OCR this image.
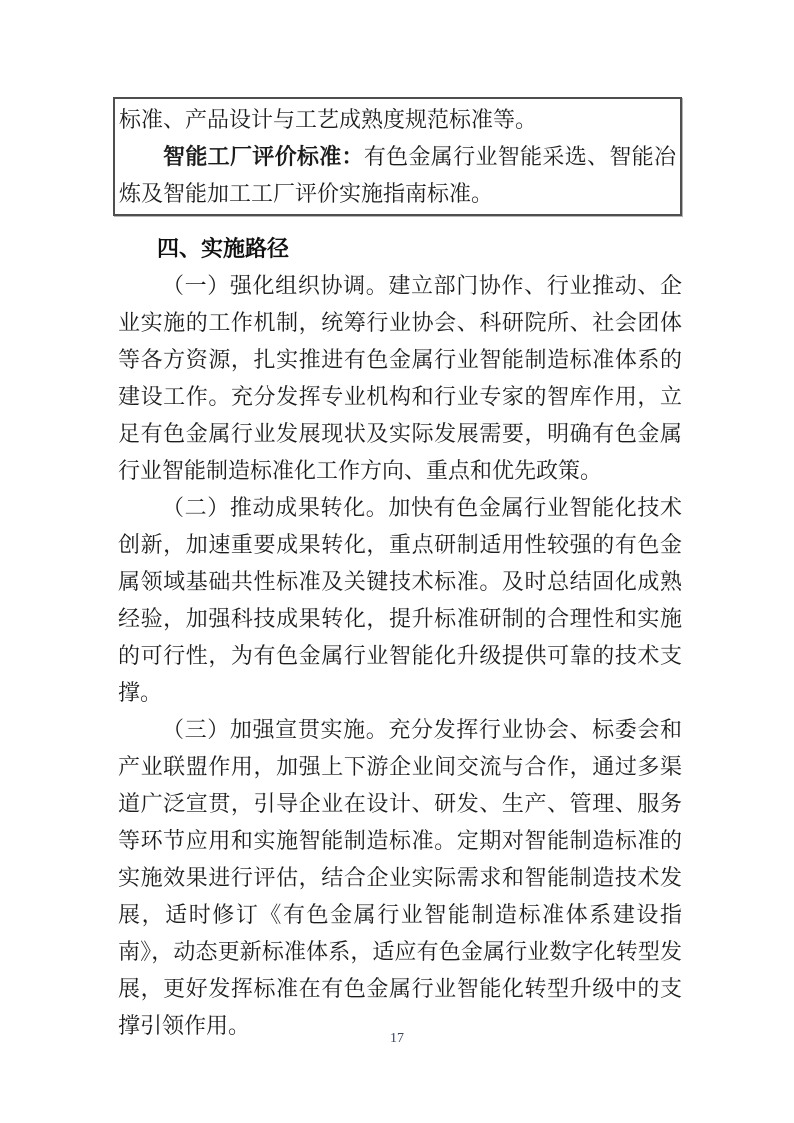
标准、产品设计与工艺成熟度规范标准等。

智能工厂评价标准：有色金属行业智能采选、智能冶炼及智能加工工厂评价实施指南标准。

四、实施路径

（一）强化组织协调。建立部门协作、行业推动、企业实施的工作机制，统筹行业协会、科研院所、社会团体等各方资源，扎实推进有色金属行业智能制造标准体系的建设工作。充分发挥专业机构和行业专家的智库作用，立足有色金属行业发展现状及实际发展需要，明确有色金属行业智能制造标准化工作方向、重点和优先政策。

（二）推动成果转化。加快有色金属行业智能化技术创新，加速重要成果转化，重点研制适用性较强的有色金属领域基础共性标准及关键技术标准。及时总结固化成熟经验，加强科技成果转化，提升标准研制的合理性和实施的可行性，为有色金属行业智能化升级提供可靠的技术支撑。

（三）加强宣贯实施。充分发挥行业协会、标委会和产业联盟作用，加强上下游企业间交流与合作，通过多渠道广泛宣贯，引导企业在设计、研发、生产、管理、服务等环节应用和实施智能制造标准。定期对智能制造标准的实施效果进行评估，结合企业实际需求和智能制造技术发展，适时修订《有色金属行业智能制造标准体系建设指南》，动态更新标准体系，适应有色金属行业数字化转型发展，更好发挥标准在有色金属行业智能化转型升级中的支撑引领作用。

17
